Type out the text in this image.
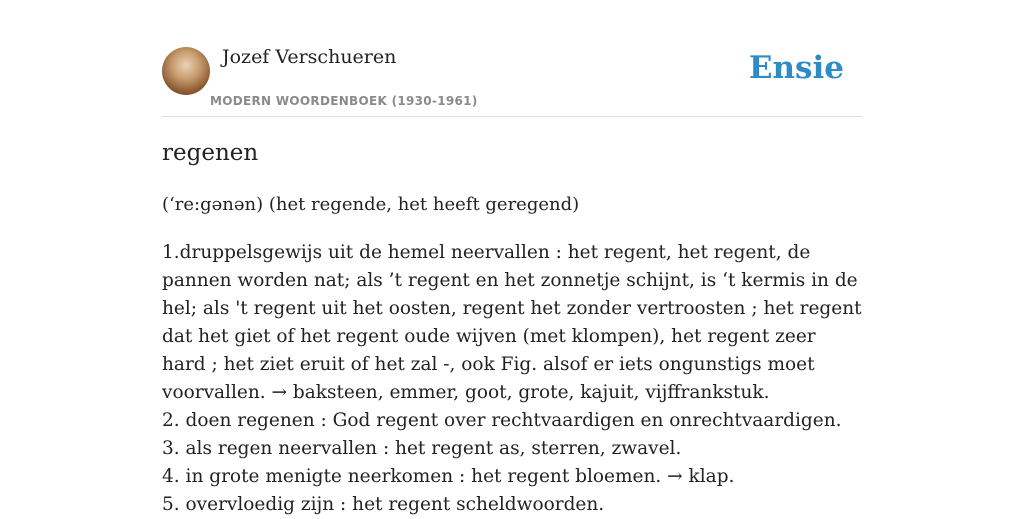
Jozef Verschueren
MODERN WOORDENBOEK (1930-1961)
Ensie
regenen
(‘re:gənən) (het regende, het heeft geregend)
1.druppelsgewijs uit de hemel neervallen : het regent, het regent, de pannen worden nat; als ’t regent en het zonnetje schijnt, is ‘t kermis in de hel; als 't regent uit het oosten, regent het zonder vertroosten ; het regent dat het giet of het regent oude wijven (met klompen), het regent zeer hard ; het ziet eruit of het zal -, ook Fig. alsof er iets ongunstigs moet voorvallen. → baksteen, emmer, goot, grote, kajuit, vijffrankstuk.
2. doen regenen : God regent over rechtvaardigen en onrechtvaardigen.
3. als regen neervallen : het regent as, sterren, zwavel.
4. in grote menigte neerkomen : het regent bloemen. → klap.
5. overvloedig zijn : het regent scheldwoorden.
